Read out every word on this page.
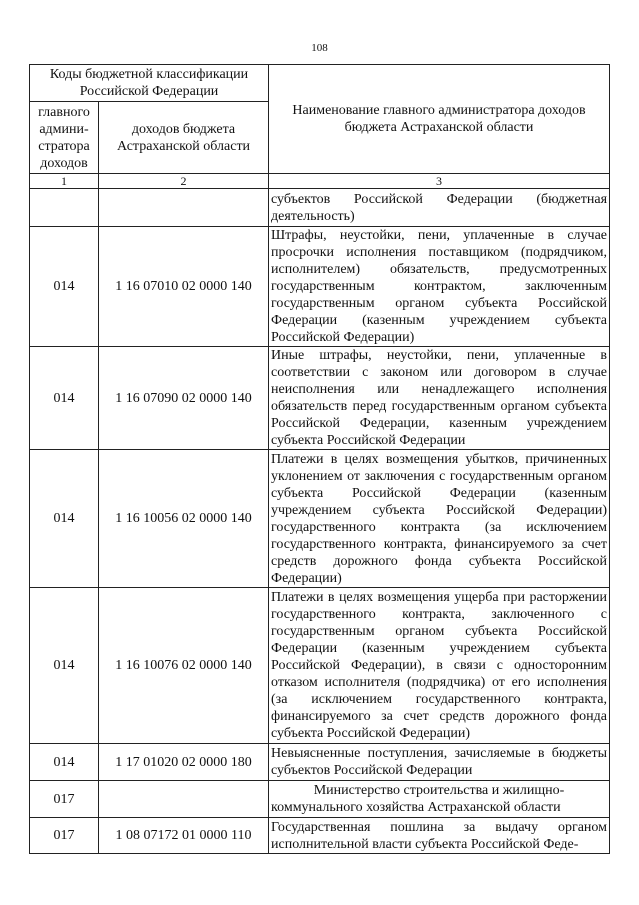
108
Коды бюджетной классификации Российской Федерации		Наименование главного администратора доходов бюджета Астраханской области
главного админи-стратора доходов	доходов бюджета Астраханской области	
1	2	3
		субъектов Российской Федерации (бюджетная деятельность)
014	1 16 07010 02 0000 140	Штрафы, неустойки, пени, уплаченные в случае просрочки исполнения поставщиком (подрядчиком, исполнителем) обязательств, предусмотренных государственным контрактом, заключенным государственным органом субъекта Российской Федерации (казенным учреждением субъекта Российской Федерации)
014	1 16 07090 02 0000 140	Иные штрафы, неустойки, пени, уплаченные в соответствии с законом или договором в случае неисполнения или ненадлежащего исполнения обязательств перед государственным органом субъекта Российской Федерации, казенным учреждением субъекта Российской Федерации
014	1 16 10056 02 0000 140	Платежи в целях возмещения убытков, причиненных уклонением от заключения с государственным органом субъекта Российской Федерации (казенным учреждением субъекта Российской Федерации) государственного контракта (за исключением государственного контракта, финансируемого за счет средств дорожного фонда субъекта Российской Федерации)
014	1 16 10076 02 0000 140	Платежи в целях возмещения ущерба при расторжении государственного контракта, заключенного с государственным органом субъекта Российской Федерации (казенным учреждением субъекта Российской Федерации), в связи с односторонним отказом исполнителя (подрядчика) от его исполнения (за исключением государственного контракта, финансируемого за счет средств дорожного фонда субъекта Российской Федерации)
014	1 17 01020 02 0000 180	Невыясненные поступления, зачисляемые в бюджеты субъектов Российской Федерации
017		Министерство строительства и жилищно-коммунального хозяйства Астраханской области
017	1 08 07172 01 0000 110	Государственная пошлина за выдачу органом исполнительной власти субъекта Российской Феде-
